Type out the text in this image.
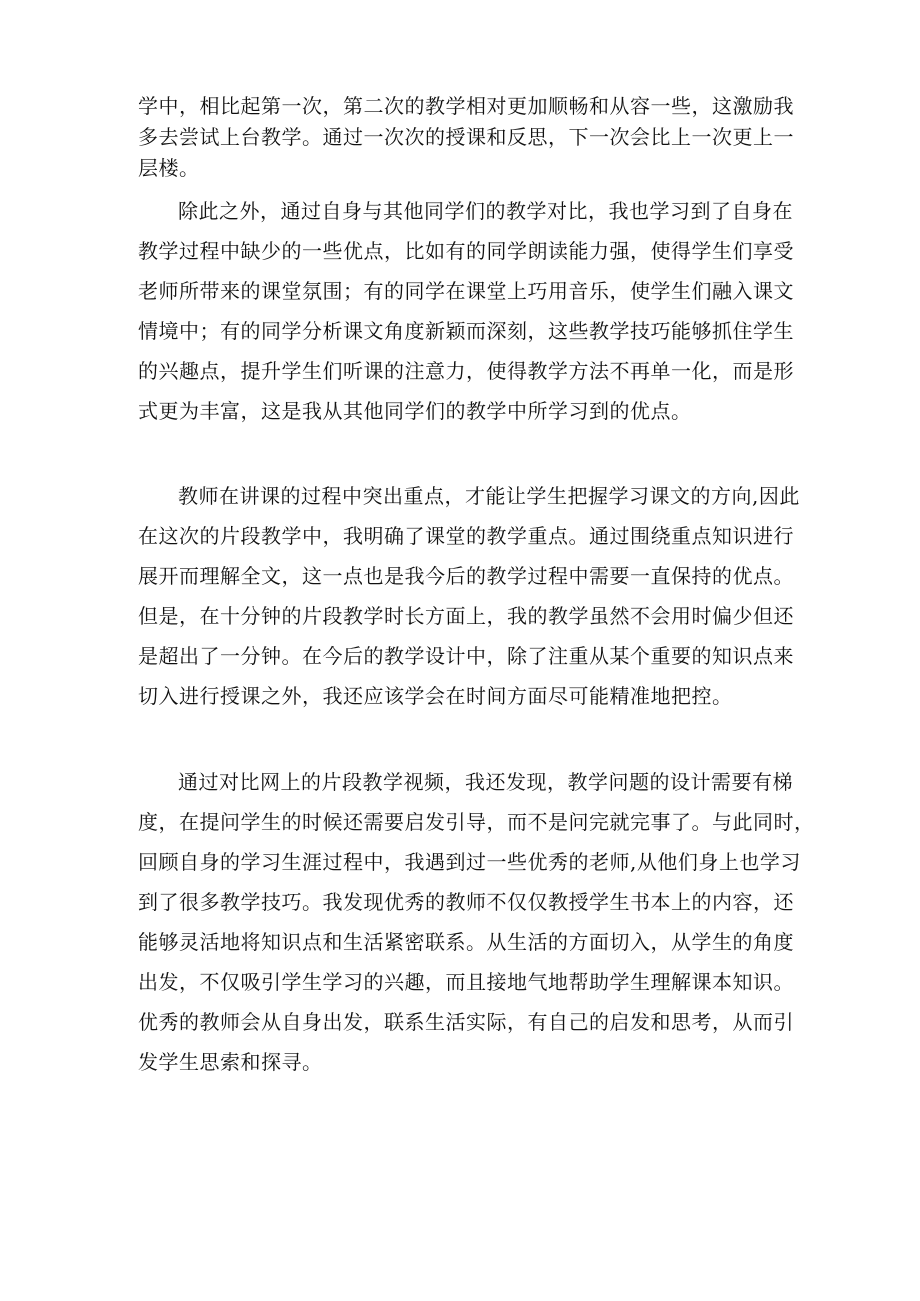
学中，相比起第一次，第二次的教学相对更加顺畅和从容一些，这激励我
多去尝试上台教学。通过一次次的授课和反思，下一次会比上一次更上一
层楼。

除此之外，通过自身与其他同学们的教学对比，我也学习到了自身在
教学过程中缺少的一些优点，比如有的同学朗读能力强，使得学生们享受
老师所带来的课堂氛围；有的同学在课堂上巧用音乐，使学生们融入课文
情境中；有的同学分析课文角度新颖而深刻，这些教学技巧能够抓住学生
的兴趣点，提升学生们听课的注意力，使得教学方法不再单一化，而是形
式更为丰富，这是我从其他同学们的教学中所学习到的优点。

教师在讲课的过程中突出重点，才能让学生把握学习课文的方向,因此
在这次的片段教学中，我明确了课堂的教学重点。通过围绕重点知识进行
展开而理解全文，这一点也是我今后的教学过程中需要一直保持的优点。
但是，在十分钟的片段教学时长方面上，我的教学虽然不会用时偏少但还
是超出了一分钟。在今后的教学设计中，除了注重从某个重要的知识点来
切入进行授课之外，我还应该学会在时间方面尽可能精准地把控。

通过对比网上的片段教学视频，我还发现，教学问题的设计需要有梯
度，在提问学生的时候还需要启发引导，而不是问完就完事了。与此同时，
回顾自身的学习生涯过程中，我遇到过一些优秀的老师,从他们身上也学习
到了很多教学技巧。我发现优秀的教师不仅仅教授学生书本上的内容，还
能够灵活地将知识点和生活紧密联系。从生活的方面切入，从学生的角度
出发，不仅吸引学生学习的兴趣，而且接地气地帮助学生理解课本知识。
优秀的教师会从自身出发，联系生活实际，有自己的启发和思考，从而引
发学生思索和探寻。
